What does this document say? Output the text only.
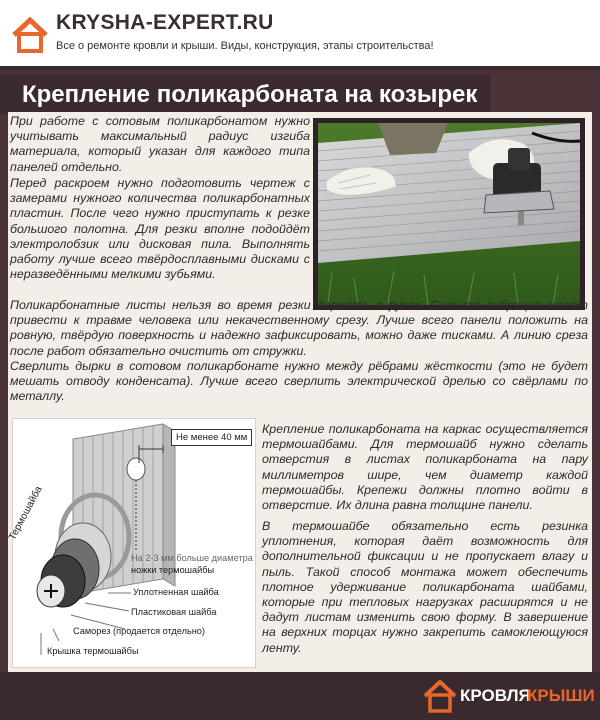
KRYSHA-EXPERT.RU
Все о ремонте кровли и крыши. Виды, конструкция, этапы строительства!
Крепление поликарбоната на козырек
При работе с сотовым поликарбонатом нужно учитывать максимальный радиус изгиба материала, который указан для каждого типа панелей отдельно.
Перед раскроем нужно подготовить чертеж с замерами нужного количества поликарбонатных пластин. После чего нужно приступать к резке большого полотна. Для резки вполне подойдёт электролобзик или дисковая пила. Выполнять работу лучше всего твёрдосплавными дисками с неразведёнными мелкими зубьями.
Поликарбонатные листы нельзя во время резки держать в руках. Сильная вибрация может привести к травме человека или некачественному срезу. Лучше всего панели положить на ровную, твёрдую поверхность и надежно зафиксировать, можно даже тисками. А линию среза после работ обязательно очистить от стружки.
Сверлить дырки в сотовом поликарбонате нужно между рёбрами жёсткости (это не будет мешать отводу конденсата). Лучше всего сверлить электрической дрелью со свёрлами по металлу.
Не менее 40 мм
Термошайба
На 2-3 мм больше диаметра
ножки термошайбы
Уплотненная шайба
Пластиковая шайба
Саморез (продается отдельно)
Крышка термошайбы
Крепление поликарбоната на каркас осуществляется термошайбами. Для термошайб нужно сделать отверстия в листах поликарбоната на пару миллиметров шире, чем диаметр каждой термошайбы. Крепежи должны плотно войти в отверстие. Их длина равна толщине панели.
В термошайбе обязательно есть резинка уплотнения, которая даёт возможность для дополнительной фиксации и не пропускает влагу и пыль. Такой способ монтажа может обеспечить плотное удерживание поликарбоната шайбами, которые при тепловых нагрузках расширятся и не дадут листам изменить свою форму. В завершение на верхних торцах нужно закрепить самоклеющуюся ленту.
КРОВЛЯ
КРЫШИ
